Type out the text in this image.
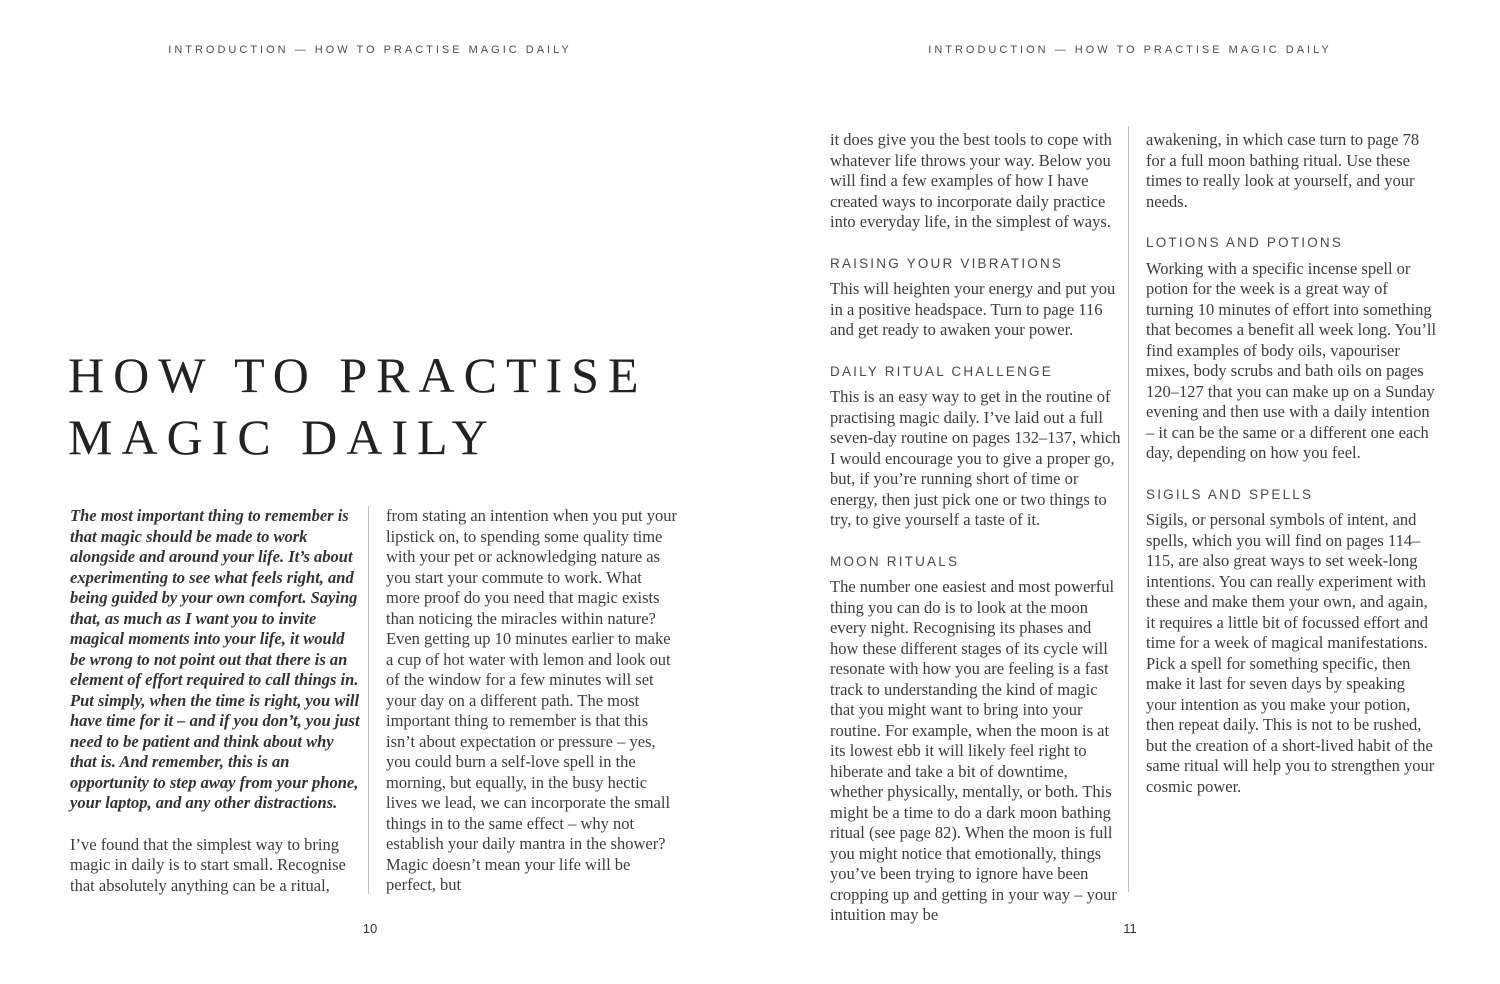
INTRODUCTION — HOW TO PRACTISE MAGIC DAILY
HOW TO PRACTISE
MAGIC DAILY

The most important thing to remember is that magic should be made to work alongside and around your life. It’s about experimenting to see what feels right, and being guided by your own comfort. Saying that, as much as I want you to invite magical moments into your life, it would be wrong to not point out that there is an element of effort required to call things in. Put simply, when the time is right, you will have time for it – and if you don’t, you just need to be patient and think about why that is. And remember, this is an opportunity to step away from your phone, your laptop, and any other distractions.

I’ve found that the simplest way to bring magic in daily is to start small. Recognise that absolutely anything can be a ritual,

from stating an intention when you put your lipstick on, to spending some quality time with your pet or acknowledging nature as you start your commute to work. What more proof do you need that magic exists than noticing the miracles within nature? Even getting up 10 minutes earlier to make a cup of hot water with lemon and look out of the window for a few minutes will set your day on a different path. The most important thing to remember is that this isn’t about expectation or pressure – yes, you could burn a self-love spell in the morning, but equally, in the busy hectic lives we lead, we can incorporate the small things in to the same effect – why not establish your daily mantra in the shower? Magic doesn’t mean your life will be perfect, but

10
INTRODUCTION — HOW TO PRACTISE MAGIC DAILY

it does give you the best tools to cope with whatever life throws your way. Below you will find a few examples of how I have created ways to incorporate daily practice into everyday life, in the simplest of ways.

RAISING YOUR VIBRATIONS

This will heighten your energy and put you in a positive headspace. Turn to page 116 and get ready to awaken your power.

DAILY RITUAL CHALLENGE

This is an easy way to get in the routine of practising magic daily. I’ve laid out a full seven-day routine on pages 132–137, which I would encourage you to give a proper go, but, if you’re running short of time or energy, then just pick one or two things to try, to give yourself a taste of it.

MOON RITUALS

The number one easiest and most powerful thing you can do is to look at the moon every night. Recognising its phases and how these different stages of its cycle will resonate with how you are feeling is a fast track to understanding the kind of magic that you might want to bring into your routine. For example, when the moon is at its lowest ebb it will likely feel right to hiberate and take a bit of downtime, whether physically, mentally, or both. This might be a time to do a dark moon bathing ritual (see page 82). When the moon is full you might notice that emotionally, things you’ve been trying to ignore have been cropping up and getting in your way – your intuition may be

awakening, in which case turn to page 78 for a full moon bathing ritual. Use these times to really look at yourself, and your needs.

LOTIONS AND POTIONS

Working with a specific incense spell or potion for the week is a great way of turning 10 minutes of effort into something that becomes a benefit all week long. You’ll find examples of body oils, vapouriser mixes, body scrubs and bath oils on pages 120–127 that you can make up on a Sunday evening and then use with a daily intention – it can be the same or a different one each day, depending on how you feel.

SIGILS AND SPELLS

Sigils, or personal symbols of intent, and spells, which you will find on pages 114–115, are also great ways to set week-long intentions. You can really experiment with these and make them your own, and again, it requires a little bit of focussed effort and time for a week of magical manifestations. Pick a spell for something specific, then make it last for seven days by speaking your intention as you make your potion, then repeat daily. This is not to be rushed, but the creation of a short-lived habit of the same ritual will help you to strengthen your cosmic power.

11
